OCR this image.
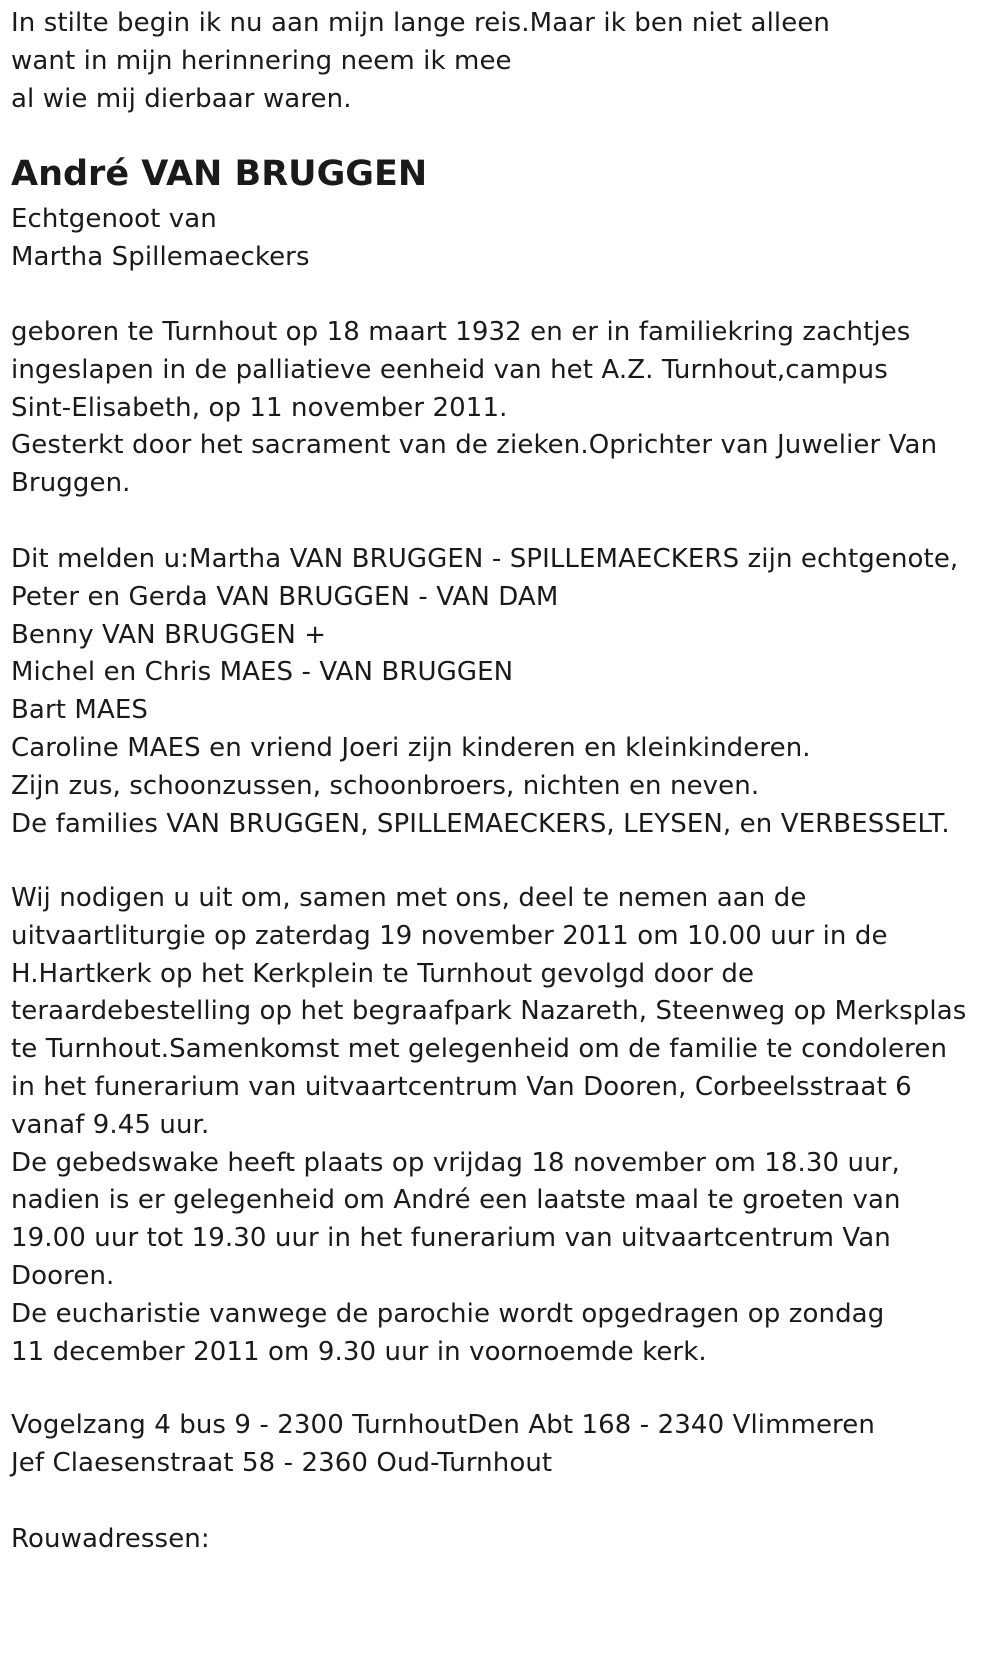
In stilte begin ik nu aan mijn lange reis.Maar ik ben niet alleen
want in mijn herinnering neem ik mee
al wie mij dierbaar waren.
André VAN BRUGGEN
Echtgenoot van
Martha Spillemaeckers
geboren te Turnhout op 18 maart 1932 en er in familiekring zachtjes
ingeslapen in de palliatieve eenheid van het A.Z. Turnhout,campus
Sint-Elisabeth, op 11 november 2011.
Gesterkt door het sacrament van de zieken.Oprichter van Juwelier Van
Bruggen.
Dit melden u:Martha VAN BRUGGEN - SPILLEMAECKERS zijn echtgenote,
Peter en Gerda VAN BRUGGEN - VAN DAM
Benny VAN BRUGGEN +
Michel en Chris MAES - VAN BRUGGEN
Bart MAES
Caroline MAES en vriend Joeri zijn kinderen en kleinkinderen.
Zijn zus, schoonzussen, schoonbroers, nichten en neven.
De families VAN BRUGGEN, SPILLEMAECKERS, LEYSEN, en VERBESSELT.
Wij nodigen u uit om, samen met ons, deel te nemen aan de
uitvaartliturgie op zaterdag 19 november 2011 om 10.00 uur in de
H.Hartkerk op het Kerkplein te Turnhout gevolgd door de
teraardebestelling op het begraafpark Nazareth, Steenweg op Merksplas
te Turnhout.Samenkomst met gelegenheid om de familie te condoleren
in het funerarium van uitvaartcentrum Van Dooren, Corbeelsstraat 6
vanaf 9.45 uur.
De gebedswake heeft plaats op vrijdag 18 november om 18.30 uur,
nadien is er gelegenheid om André een laatste maal te groeten van
19.00 uur tot 19.30 uur in het funerarium van uitvaartcentrum Van
Dooren.
De eucharistie vanwege de parochie wordt opgedragen op zondag
11 december 2011 om 9.30 uur in voornoemde kerk.
Vogelzang 4 bus 9 - 2300 TurnhoutDen Abt 168 - 2340 Vlimmeren
Jef Claesenstraat 58 - 2360 Oud-Turnhout
Rouwadressen:
